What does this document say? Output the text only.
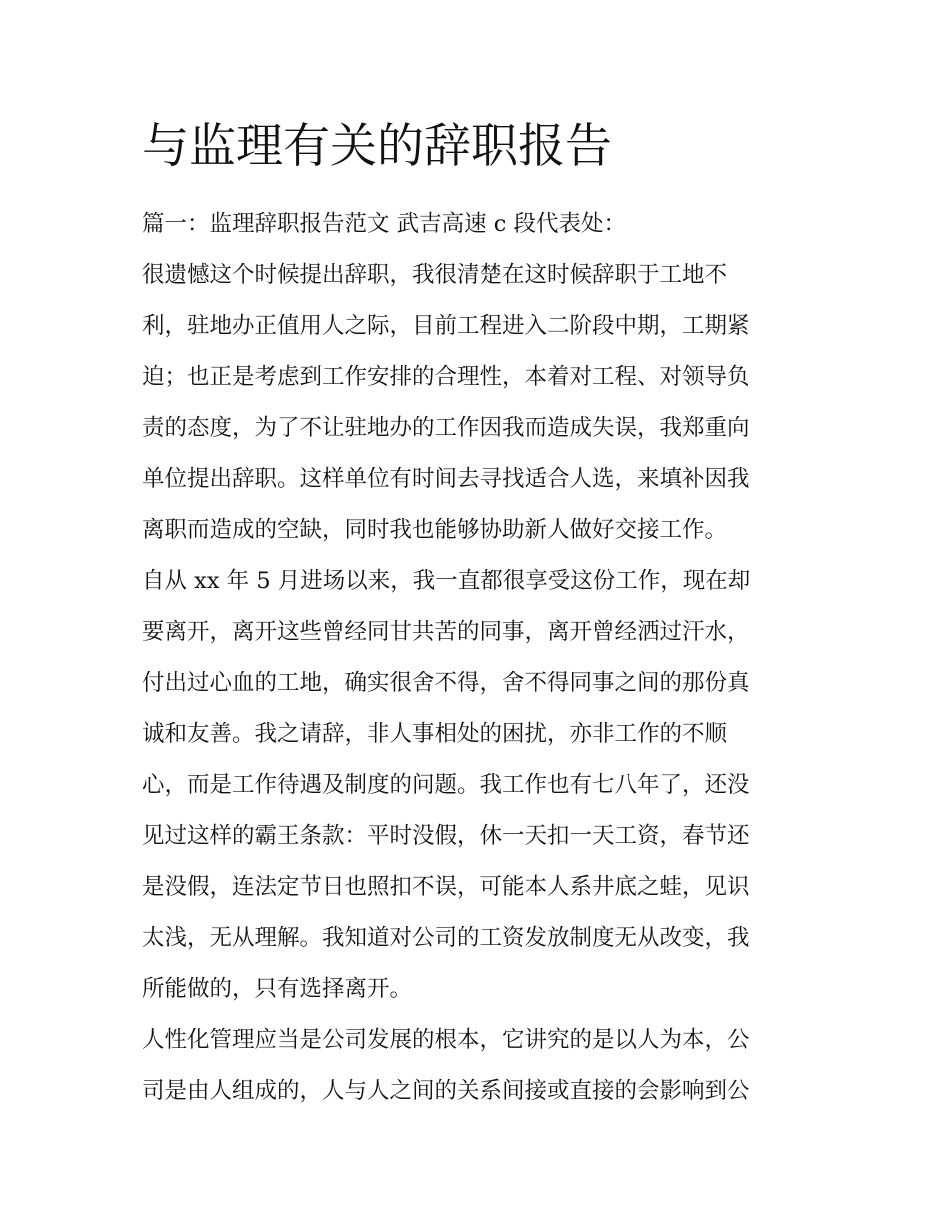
与监理有关的辞职报告

篇一：监理辞职报告范文 武吉高速 c 段代表处：

很遗憾这个时候提出辞职，我很清楚在这时候辞职于工地不

利，驻地办正值用人之际，目前工程进入二阶段中期，工期紧

迫；也正是考虑到工作安排的合理性，本着对工程、对领导负

责的态度，为了不让驻地办的工作因我而造成失误，我郑重向

单位提出辞职。这样单位有时间去寻找适合人选，来填补因我

离职而造成的空缺，同时我也能够协助新人做好交接工作。

自从 xx 年 5 月进场以来，我一直都很享受这份工作，现在却

要离开，离开这些曾经同甘共苦的同事，离开曾经洒过汗水，

付出过心血的工地，确实很舍不得，舍不得同事之间的那份真

诚和友善。我之请辞，非人事相处的困扰，亦非工作的不顺

心，而是工作待遇及制度的问题。我工作也有七八年了，还没

见过这样的霸王条款：平时没假，休一天扣一天工资，春节还

是没假，连法定节日也照扣不误，可能本人系井底之蛙，见识

太浅，无从理解。我知道对公司的工资发放制度无从改变，我

所能做的，只有选择离开。

人性化管理应当是公司发展的根本，它讲究的是以人为本，公

司是由人组成的，人与人之间的关系间接或直接的会影响到公
